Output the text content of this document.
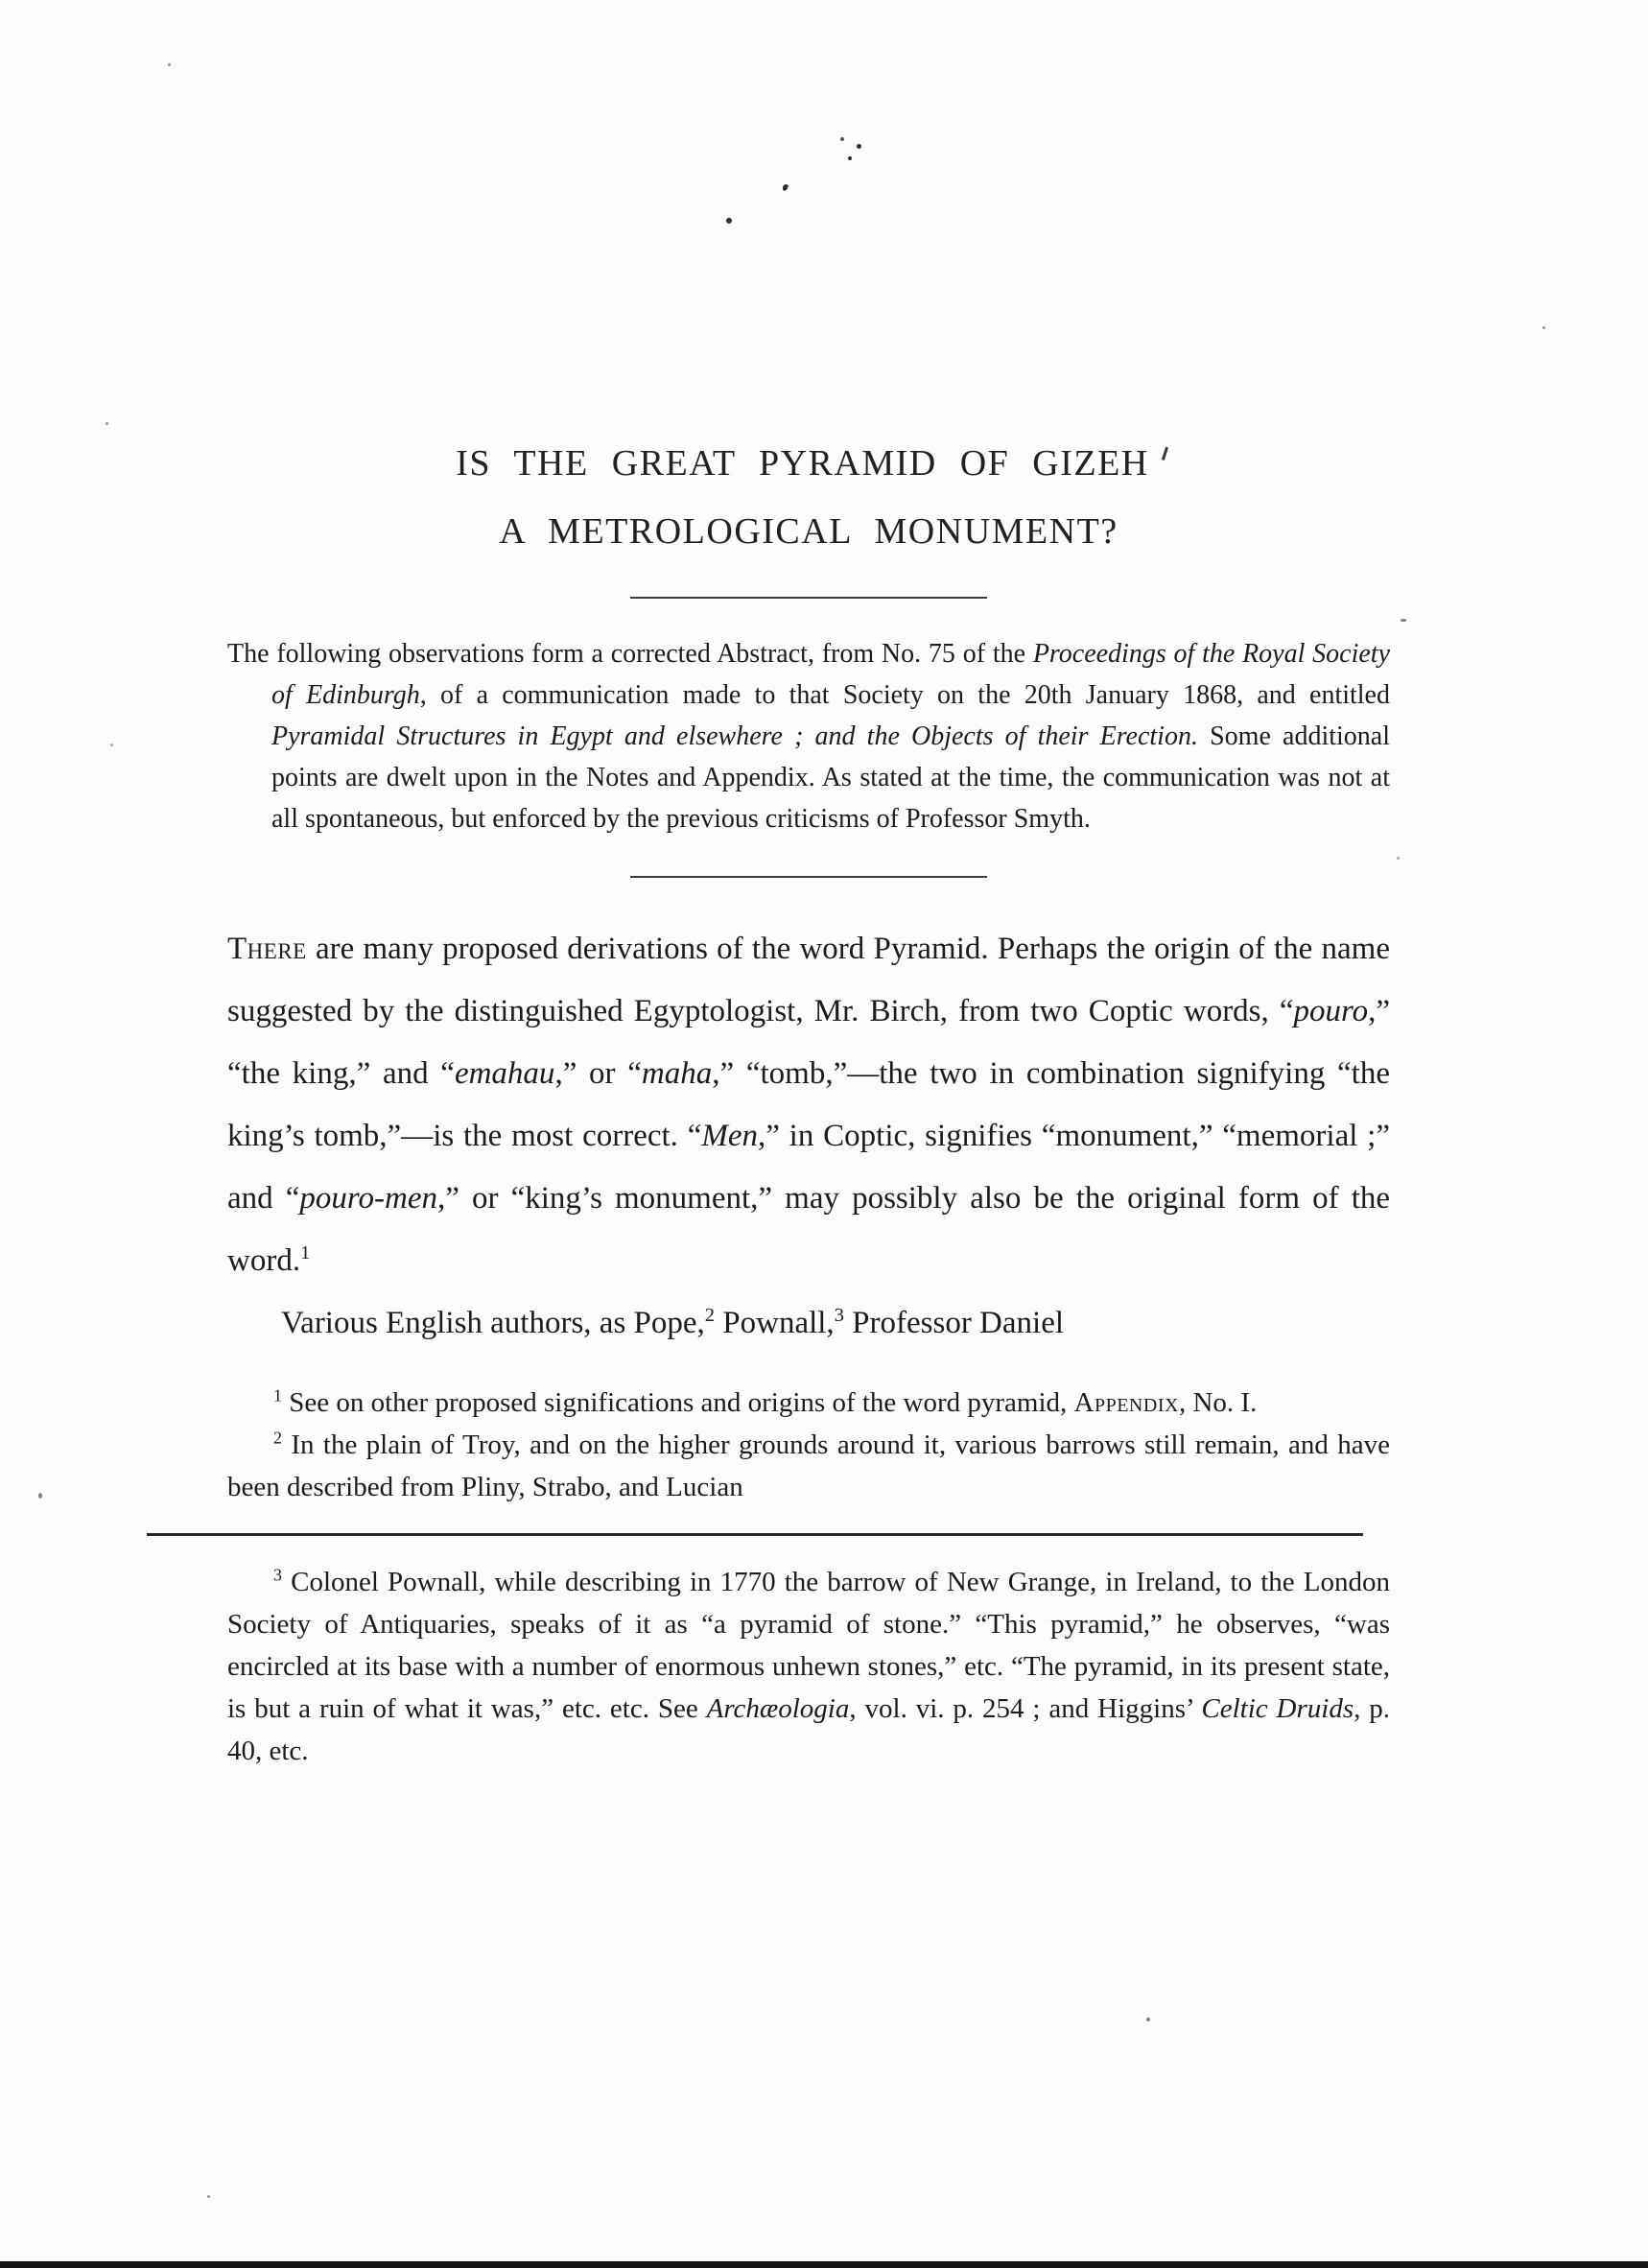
IS THE GREAT PYRAMID OF GIZEH
A METROLOGICAL MONUMENT?

The following observations form a corrected Abstract, from No. 75 of the Proceedings of the Royal Society of Edinburgh, of a communication made to that Society on the 20th January 1868, and entitled Pyramidal Structures in Egypt and elsewhere ; and the Objects of their Erection. Some additional points are dwelt upon in the Notes and Appendix. As stated at the time, the communication was not at all spontaneous, but enforced by the previous criticisms of Professor Smyth.

There are many proposed derivations of the word Pyramid. Perhaps the origin of the name suggested by the distinguished Egyptologist, Mr. Birch, from two Coptic words, “pouro,” “the king,” and “emahau,” or “maha,” “tomb,”—the two in combination signifying “the king’s tomb,”—is the most correct. “Men,” in Coptic, signifies “monument,” “memorial ;” and “pouro-men,” or “king’s monument,” may possibly also be the original form of the word.$^1$

Various English authors, as Pope,$^2$ Pownall,$^3$ Professor Daniel

$^1$ See on other proposed significations and origins of the word pyramid, Appendix, No. I.

$^2$ In the plain of Troy, and on the higher grounds around it, various barrows still remain, and have been described from Pliny, Strabo, and Lucian

$^3$ Colonel Pownall, while describing in 1770 the barrow of New Grange, in Ireland, to the London Society of Antiquaries, speaks of it as “a pyramid of stone.” “This pyramid,” he observes, “was encircled at its base with a number of enormous unhewn stones,” etc. “The pyramid, in its present state, is but a ruin of what it was,” etc. etc. See Archæologia, vol. vi. p. 254 ; and Higgins’ Celtic Druids, p. 40, etc.
